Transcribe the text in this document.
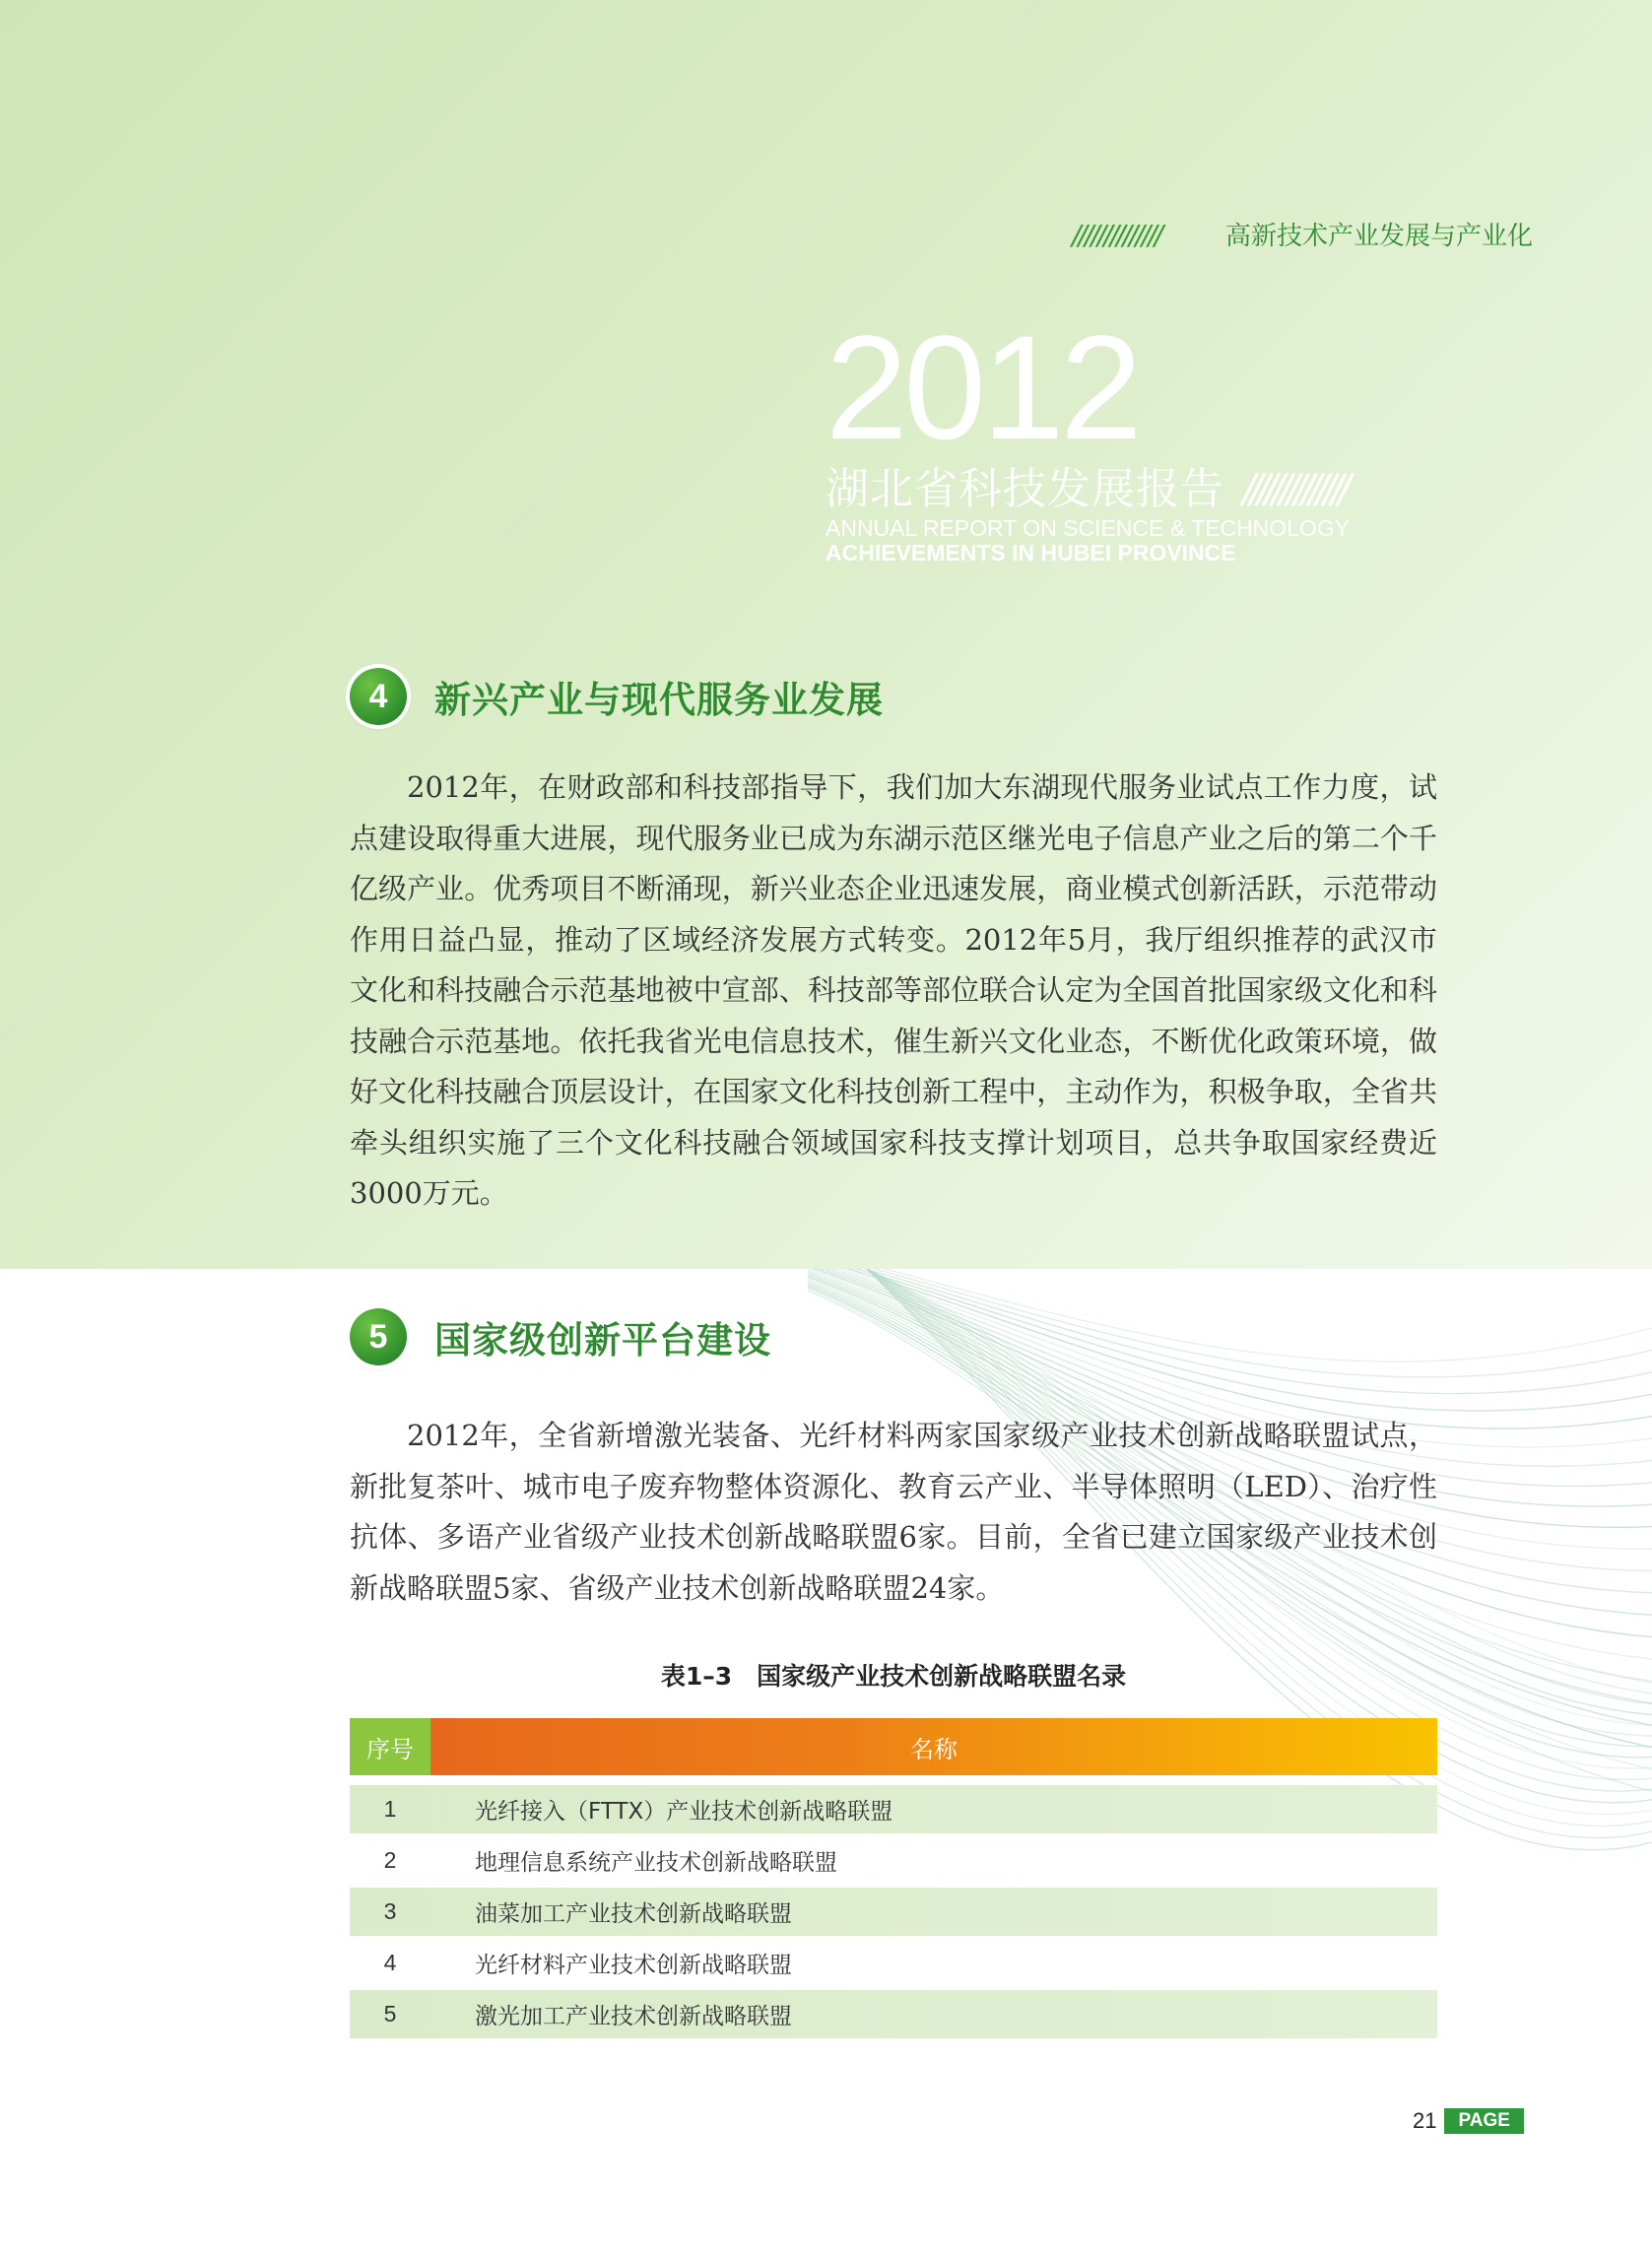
//////////////	高新技术产业发展与产业化
2012
湖北省科技发展报告 //////////////
ANNUAL REPORT ON SCIENCE & TECHNOLOGY
ACHIEVEMENTS IN HUBEI PROVINCE
4	新兴产业与现代服务业发展

2012年，在财政部和科技部指导下，我们加大东湖现代服务业试点工作力度，试点建设取得重大进展，现代服务业已成为东湖示范区继光电子信息产业之后的第二个千亿级产业。优秀项目不断涌现，新兴业态企业迅速发展，商业模式创新活跃，示范带动作用日益凸显，推动了区域经济发展方式转变。2012年5月，我厅组织推荐的武汉市文化和科技融合示范基地被中宣部、科技部等部位联合认定为全国首批国家级文化和科技融合示范基地。依托我省光电信息技术，催生新兴文化业态，不断优化政策环境，做好文化科技融合顶层设计，在国家文化科技创新工程中，主动作为，积极争取，全省共牵头组织实施了三个文化科技融合领域国家科技支撑计划项目，总共争取国家经费近3000万元。

5	国家级创新平台建设

2012年，全省新增激光装备、光纤材料两家国家级产业技术创新战略联盟试点，新批复茶叶、城市电子废弃物整体资源化、教育云产业、半导体照明（LED）、治疗性抗体、多语产业省级产业技术创新战略联盟6家。目前，全省已建立国家级产业技术创新战略联盟5家、省级产业技术创新战略联盟24家。

表1–3　国家级产业技术创新战略联盟名录
序号	名称
1	光纤接入（FTTX）产业技术创新战略联盟
2	地理信息系统产业技术创新战略联盟
3	油菜加工产业技术创新战略联盟
4	光纤材料产业技术创新战略联盟
5	激光加工产业技术创新战略联盟
21	PAGE
